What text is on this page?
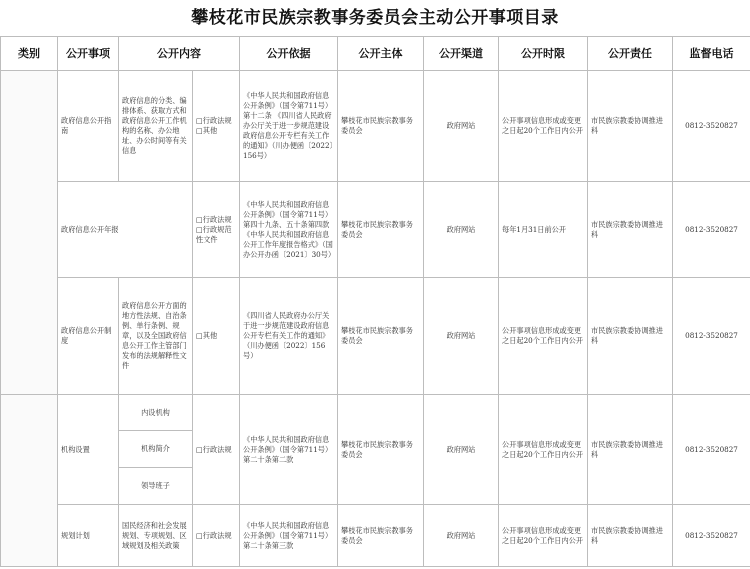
攀枝花市民族宗教事务委员会主动公开事项目录
类别	公开事项	公开内容		公开依据	公开主体	公开渠道	公开时限	公开责任	监督电话
	政府信息公开指南	政府信息的分类、编排体系、获取方式和政府信息公开工作机构的名称、办公地址、办公时间等有关信息	□行政法规 □其他	《中华人民共和国政府信息公开条例》（国令第711号）第十二条 《四川省人民政府办公厅关于进一步规范建设政府信息公开专栏有关工作的通知》（川办便函〔2022〕156号）	攀枝花市民族宗教事务委员会	政府网站	公开事项信息形成或变更之日起20个工作日内公开	市民族宗教委协调推进科	0812-3520827
	政府信息公开年报		□行政法规 □行政规范性文件	《中华人民共和国政府信息公开条例》（国令第711号）第四十九条、五十条第四款 《中华人民共和国政府信息公开工作年度报告格式》（国办公开办函〔2021〕30号）	攀枝花市民族宗教事务委员会	政府网站	每年1月31日前公开	市民族宗教委协调推进科	0812-3520827
	政府信息公开制度	政府信息公开方面的地方性法规、自治条例、单行条例、规章，以及全国政府信息公开工作主管部门发布的法规解释性文件	□其他	《四川省人民政府办公厅关于进一步规范建设政府信息公开专栏有关工作的通知》（川办便函〔2022〕156号）	攀枝花市民族宗教事务委员会	政府网站	公开事项信息形成或变更之日起20个工作日内公开	市民族宗教委协调推进科	0812-3520827
	机构设置	内设机构	□行政法规	《中华人民共和国政府信息公开条例》（国令第711号）第二十条第二款	攀枝花市民族宗教事务委员会	政府网站	公开事项信息形成或变更之日起20个工作日内公开	市民族宗教委协调推进科	0812-3520827
		机构简介							
		领导班子							
	规划计划	国民经济和社会发展规划、专项规划、区域规划及相关政策	□行政法规	《中华人民共和国政府信息公开条例》（国令第711号）第二十条第三款	攀枝花市民族宗教事务委员会	政府网站	公开事项信息形成或变更之日起20个工作日内公开	市民族宗教委协调推进科	0812-3520827
